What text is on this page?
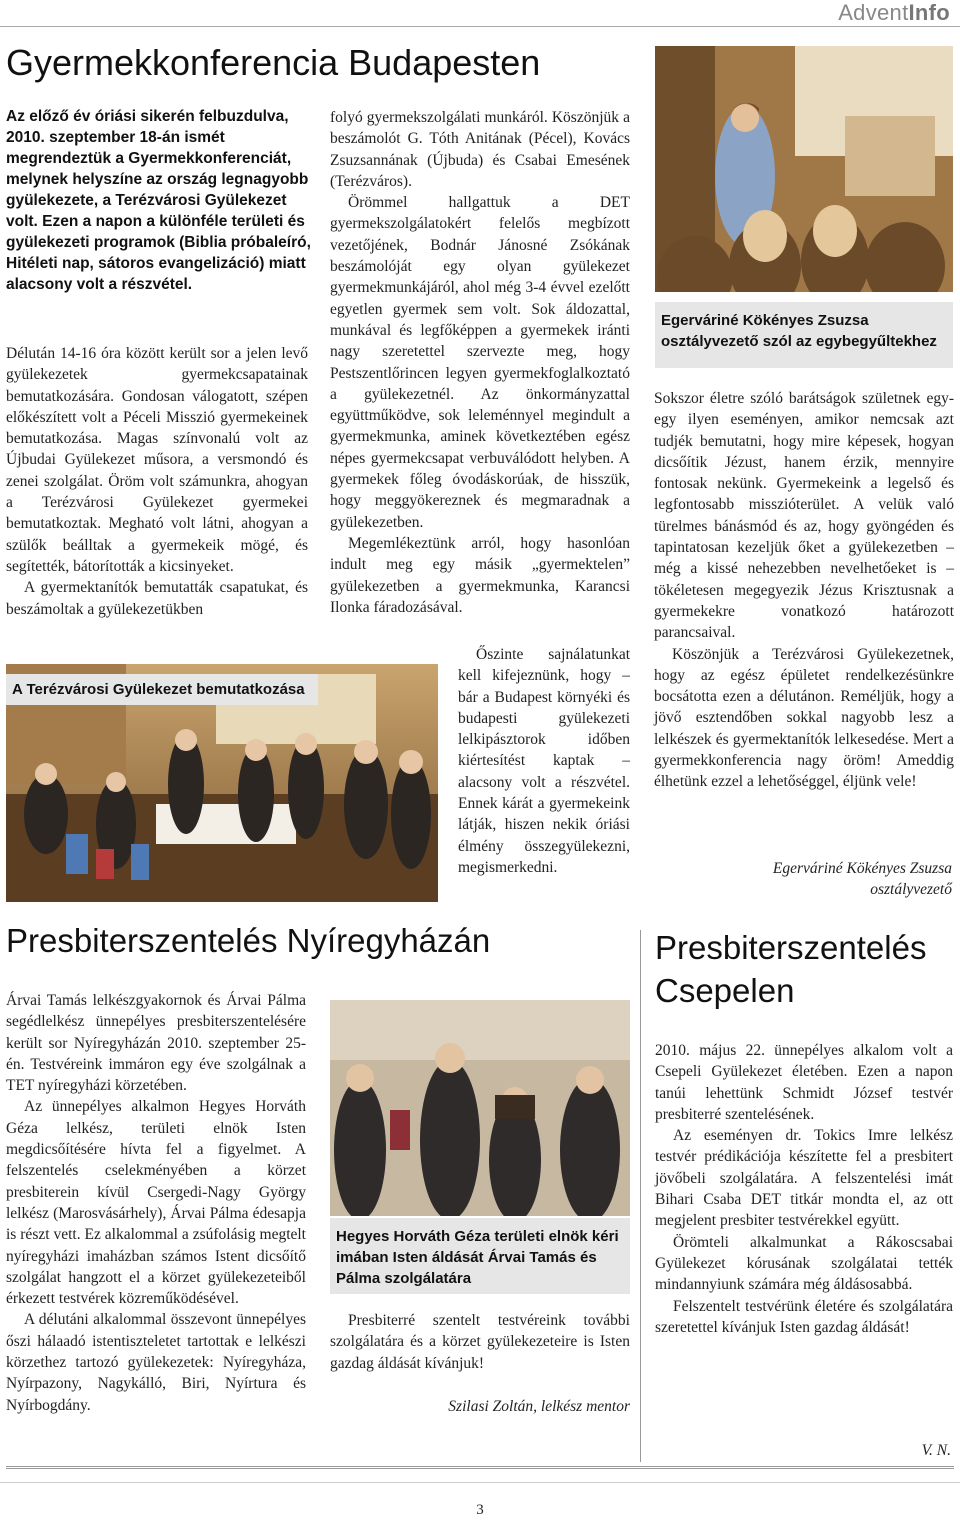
AdventInfo
Gyermekkonferencia Budapesten
Az előző év óriási sikerén felbuzdulva, 2010. szeptember 18-án ismét megrendeztük a Gyermekkonferenciát, melynek helyszíne az ország legnagyobb gyülekezete, a Terézvárosi Gyülekezet volt. Ezen a napon a különféle területi és gyülekezeti programok (Biblia próbaleíró, Hitéleti nap, sátoros evangelizáció) miatt alacsony volt a részvétel.

Délután 14-16 óra között került sor a jelen levő gyülekezetek gyermekcsapatainak bemutatkozására. Gondosan válogatott, szépen előkészített volt a Péceli Misszió gyermekeinek bemutatkozása. Magas színvonalú volt az Újbudai Gyülekezet műsora, a versmondó és zenei szolgálat. Öröm volt számunkra, ahogyan a Terézvárosi Gyülekezet gyermekei bemutatkoztak. Megható volt látni, ahogyan a szülők beálltak a gyermekeik mögé, és segítették, bátorították a kicsinyeket.

A gyermektanítók bemutatták csapatukat, és beszámoltak a gyülekezetükben

folyó gyermekszolgálati munkáról. Köszönjük a beszámolót G. Tóth Anitának (Pécel), Kovács Zsuzsannának (Újbuda) és Csabai Emesének (Terézváros).

Örömmel hallgattuk a DET gyermekszolgálatokért felelős megbízott vezetőjének, Bodnár Jánosné Zsókának beszámolóját egy olyan gyülekezet gyermekmunkájáról, ahol még 3-4 évvel ezelőtt egyetlen gyermek sem volt. Sok áldozattal, munkával és legfőképpen a gyermekek iránti nagy szeretettel szervezte meg, hogy Pestszentlőrincen legyen gyermekfoglalkoztató a gyülekezetnél. Az önkormányzattal együttműködve, sok leleménnyel megindult a gyermekmunka, aminek következtében egész népes gyermekcsapat verbuválódott helyben. A gyermekek főleg óvodáskorúak, de hisszük, hogy meggyökereznek és megmaradnak a gyülekezetben.

Megemlékeztünk arról, hogy hasonlóan indult meg egy másik „gyermektelen” gyülekezetben a gyermekmunka, Karancsi Ilonka fáradozásával.

Őszinte sajnálatunkat kell kifejeznünk, hogy – bár a Budapest környéki és budapesti gyülekezeti lelkipásztorok időben kiértesítést kaptak – alacsony volt a részvétel. Ennek kárát a gyermekeink látják, hiszen nekik óriási élmény összegyülekezni, megismerkedni.

A Terézvárosi Gyülekezet bemutatkozása
Egerváriné Kökényes Zsuzsa osztályvezető szól az egybegyűltekhez

Sokszor életre szóló barátságok születnek egy-egy ilyen eseményen, amikor nemcsak azt tudjék bemutatni, hogy mire képesek, hogyan dicsőítik Jézust, hanem érzik, mennyire fontosak nekünk. Gyermekeink a legelső és legfontosabb misszióterület. A velük való türelmes bánásmód és az, hogy gyöngéden és tapintatosan kezeljük őket a gyülekezetben – még a kissé nehezebben nevelhetőeket is – tökéletesen megegyezik Jézus Krisztusnak a gyermekekre vonatkozó határozott parancsaival.

Köszönjük a Terézvárosi Gyülekezetnek, hogy az egész épületet rendelkezésünkre bocsátotta ezen a délutánon. Reméljük, hogy a jövő esztendőben sokkal nagyobb lesz a lelkészek és gyermektanítók lelkesedése. Mert a gyermekkonferencia nagy öröm! Ameddig élhetünk ezzel a lehetőséggel, éljünk vele!

Egerváriné Kökényes Zsuzsa
osztályvezető
Presbiterszentelés Nyíregyházán

Árvai Tamás lelkészgyakornok és Árvai Pálma segédlelkész ünnepélyes presbiterszentelésére került sor Nyíregyházán 2010. szeptember 25-én. Testvéreink immáron egy éve szolgálnak a TET nyíregyházi körzetében.

Az ünnepélyes alkalmon Hegyes Horváth Géza lelkész, területi elnök Isten megdicsőítésére hívta fel a figyelmet. A felszentelés cselekményében a körzet presbiterein kívül Csergedi-Nagy György lelkész (Marosvásárhely), Árvai Pálma édesapja is részt vett. Ez alkalommal a zsúfolásig megtelt nyíregyházi imaházban számos Istent dicsőítő szolgálat hangzott el a körzet gyülekezeteiből érkezett testvérek közreműködésével.

A délutáni alkalommal összevont ünnepélyes őszi hálaadó istentiszteletet tartottak e lelkészi körzethez tartozó gyülekezetek: Nyíregyháza, Nyírpazony, Nagykálló, Biri, Nyírtura és Nyírbogdány.

Hegyes Horváth Géza területi elnök kéri imában Isten áldását Árvai Tamás és Pálma szolgálatára

Presbiterré szentelt testvéreink további szolgálatára és a körzet gyülekezeteire is Isten gazdag áldását kívánjuk!

Szilasi Zoltán, lelkész mentor
Presbiterszentelés
Csepelen

2010. május 22. ünnepélyes alkalom volt a Csepeli Gyülekezet életében. Ezen a napon tanúi lehettünk Schmidt József testvér presbiterré szentelésének.

Az eseményen dr. Tokics Imre lelkész testvér prédikációja készítette fel a presbitert jövőbeli szolgálatára. A felszentelési imát Bihari Csaba DET titkár mondta el, az ott megjelent presbiter testvérekkel együtt.

Örömteli alkalmunkat a Rákoscsabai Gyülekezet kórusának szolgálatai tették mindannyiunk számára még áldásosabbá.

Felszentelt testvérünk életére és szolgálatára szeretettel kívánjuk Isten gazdag áldását!

V. N.
3
